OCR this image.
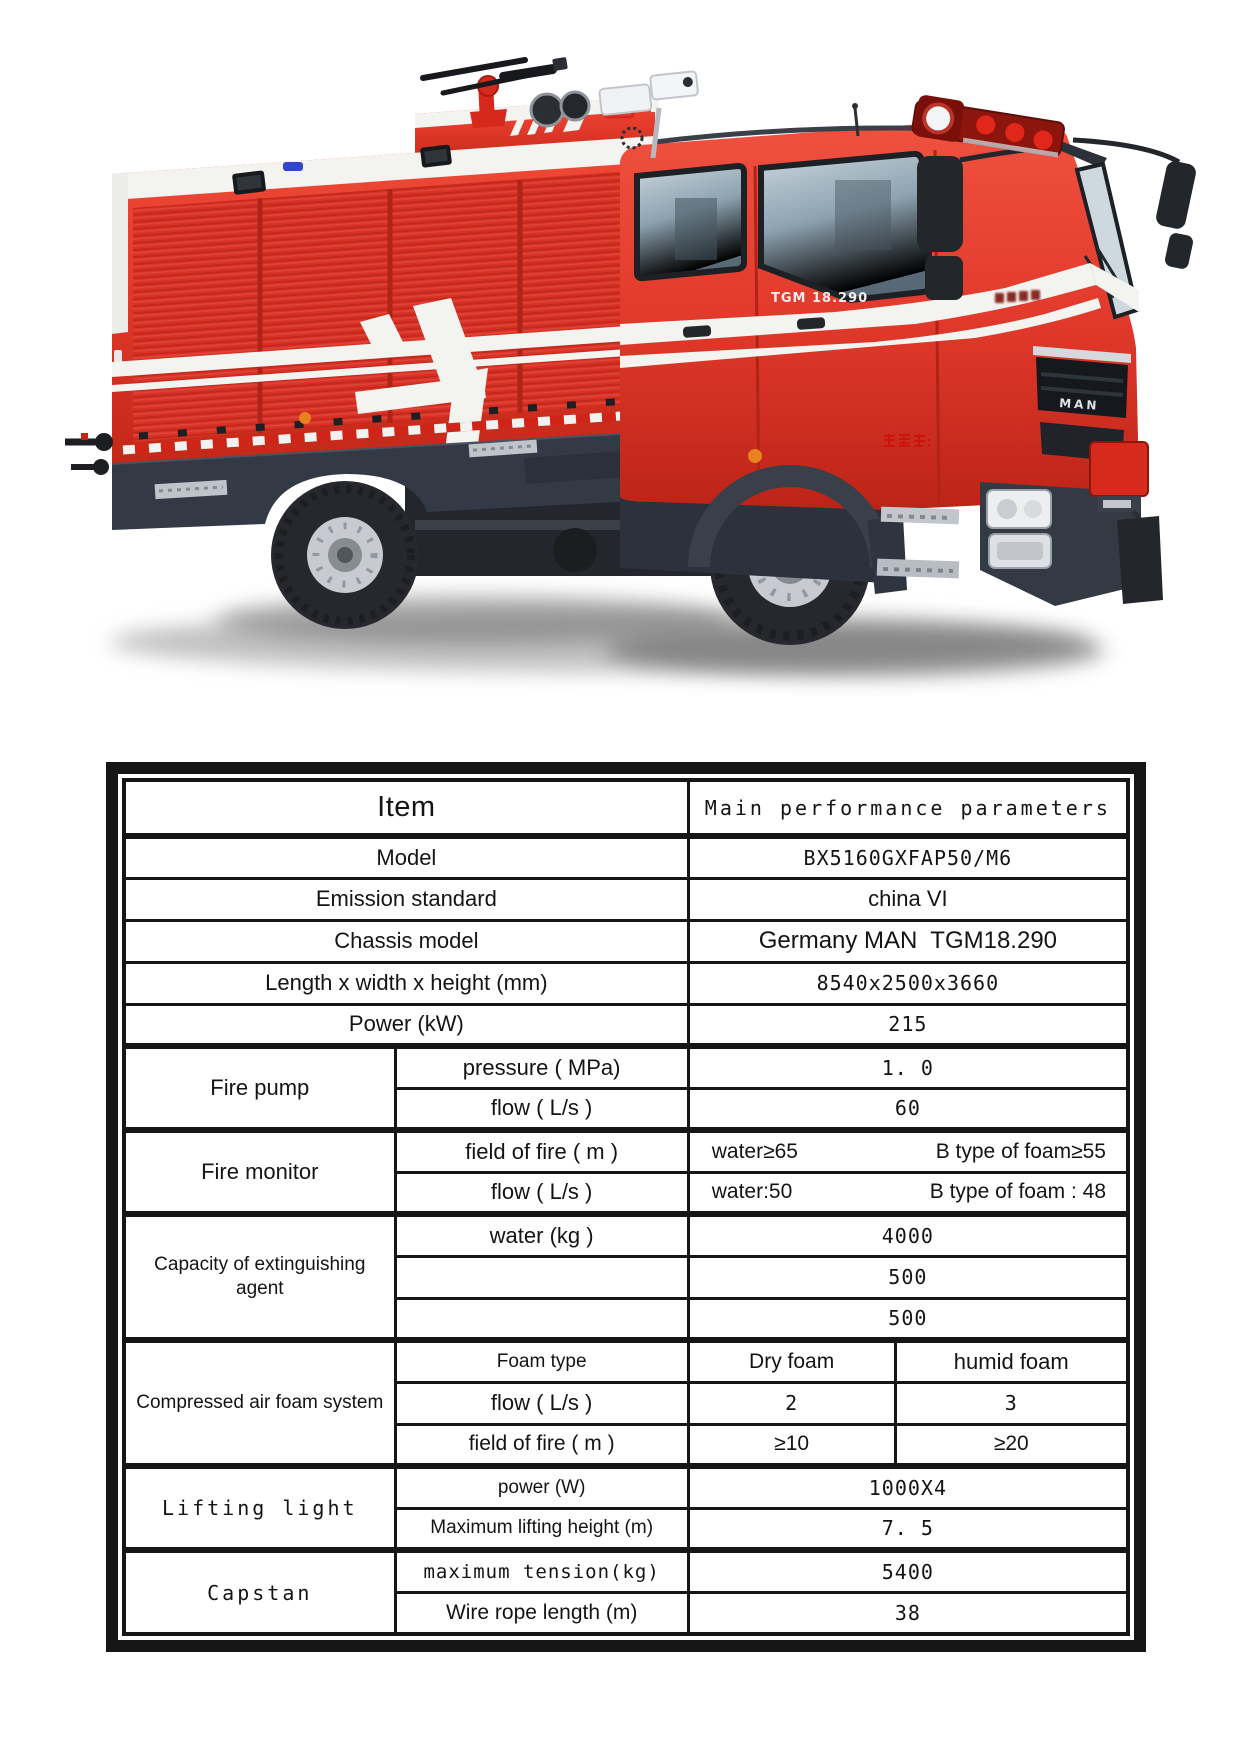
TGM 18.290
MAN
Item		Main performance parameters	
Model		BX5160GXFAP50/M6	
Emission standard		china VI	
Chassis model		Germany MAN  TGM18.290	
Length x width x height (mm)		8540x2500x3660	
Power (kW)		215	
Fire pump	pressure ( MPa)	1. 0	
	flow ( L/s )	60	
Fire monitor	field of fire ( m )	water≥65 B type of foam≥55	

	flow ( L/s )	water:50 B type of foam : 48	

Capacity of extinguishing agent	water (kg )	4000	
		500	
		500	
Compressed air foam system	Foam type	Dry foam	humid foam
	flow ( L/s )	2	3
	field of fire ( m )	≥10	≥20
Lifting light	power (W)	1000X4	
	Maximum lifting height (m)	7. 5	
Capstan	maximum tension(kg)	5400	
	Wire rope length (m)	38	
